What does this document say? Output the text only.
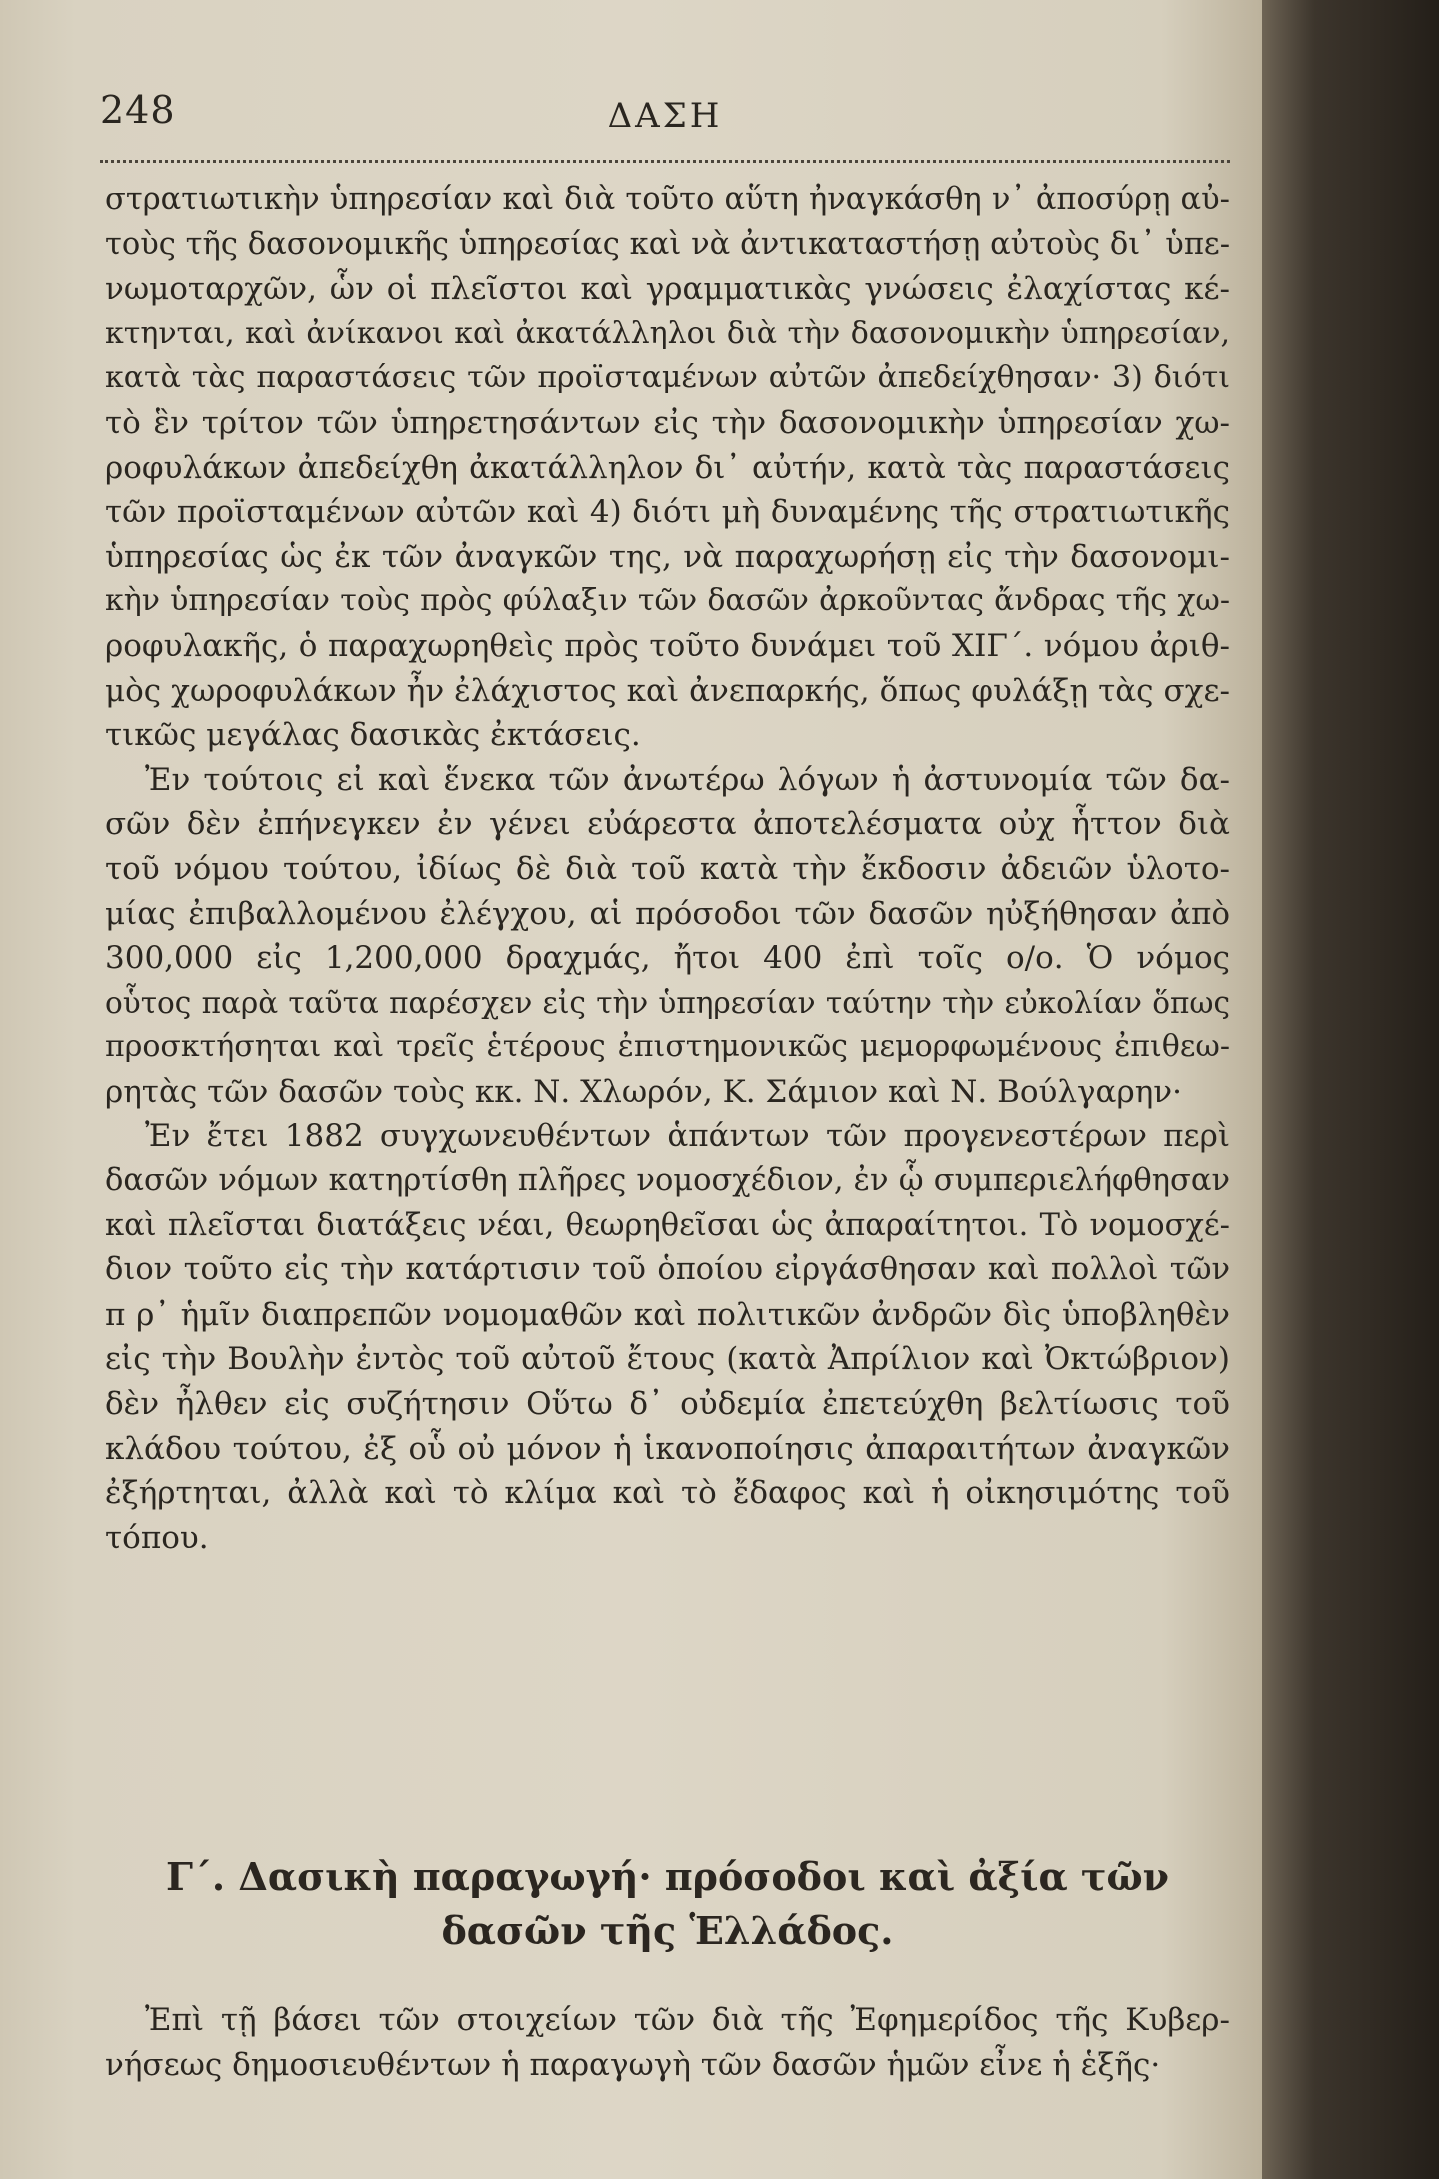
248	ΔΑΣΗ
στρατιωτικὴν ὑπηρεσίαν καὶ διὰ τοῦτο αὕτη ἠναγκάσθη ν᾽ ἀποσύρῃ αὐ-
τοὺς τῆς δασονομικῆς ὑπηρεσίας καὶ νὰ ἀντικαταστήσῃ αὐτοὺς δι᾽ ὑπε-
νωμοταρχῶν, ὧν οἱ πλεῖστοι καὶ γραμματικὰς γνώσεις ἐλαχίστας κέ-
κτηνται, καὶ ἀνίκανοι καὶ ἀκατάλληλοι διὰ τὴν δασονομικὴν ὑπηρεσίαν,
κατὰ τὰς παραστάσεις τῶν προϊσταμένων αὐτῶν ἀπεδείχθησαν· 3) διότι
τὸ ἓν τρίτον τῶν ὑπηρετησάντων εἰς τὴν δασονομικὴν ὑπηρεσίαν χω-
ροφυλάκων ἀπεδείχθη ἀκατάλληλον δι᾽ αὐτήν, κατὰ τὰς παραστάσεις
τῶν προϊσταμένων αὐτῶν καὶ 4) διότι μὴ δυναμένης τῆς στρατιωτικῆς
ὑπηρεσίας ὡς ἐκ τῶν ἀναγκῶν της, νὰ παραχωρήσῃ εἰς τὴν δασονομι-
κὴν ὑπηρεσίαν τοὺς πρὸς φύλαξιν τῶν δασῶν ἀρκοῦντας ἄνδρας τῆς χω-
ροφυλακῆς, ὁ παραχωρηθεὶς πρὸς τοῦτο δυνάμει τοῦ ΧΙΓ΄. νόμου ἀριθ-
μὸς χωροφυλάκων ἦν ἐλάχιστος καὶ ἀνεπαρκής, ὅπως φυλάξῃ τὰς σχε-
τικῶς μεγάλας δασικὰς ἐκτάσεις.
Ἐν τούτοις εἰ καὶ ἕνεκα τῶν ἀνωτέρω λόγων ἡ ἀστυνομία τῶν δα-
σῶν δὲν ἐπήνεγκεν ἐν γένει εὐάρεστα ἀποτελέσματα οὐχ ἧττον διὰ
τοῦ νόμου τούτου, ἰδίως δὲ διὰ τοῦ κατὰ τὴν ἔκδοσιν ἀδειῶν ὑλοτο-
μίας ἐπιβαλλομένου ἐλέγχου, αἱ πρόσοδοι τῶν δασῶν ηὐξήθησαν ἀπὸ
300,000 εἰς 1,200,000 δραχμάς, ἤτοι 400 ἐπὶ τοῖς ο/ο. Ὁ νόμος
οὗτος παρὰ ταῦτα παρέσχεν εἰς τὴν ὑπηρεσίαν ταύτην τὴν εὐκολίαν ὅπως
προσκτήσηται καὶ τρεῖς ἑτέρους ἐπιστημονικῶς μεμορφωμένους ἐπιθεω-
ρητὰς τῶν δασῶν τοὺς κκ. Ν. Χλωρόν, Κ. Σάμιον καὶ Ν. Βούλγαρην·
Ἐν ἔτει 1882 συγχωνευθέντων ἁπάντων τῶν προγενεστέρων περὶ
δασῶν νόμων κατηρτίσθη πλῆρες νομοσχέδιον, ἐν ᾧ συμπεριελήφθησαν
καὶ πλεῖσται διατάξεις νέαι, θεωρηθεῖσαι ὡς ἀπαραίτητοι. Τὸ νομοσχέ-
διον τοῦτο εἰς τὴν κατάρτισιν τοῦ ὁποίου εἰργάσθησαν καὶ πολλοὶ τῶν
π ρ᾽ ἡμῖν διαπρεπῶν νομομαθῶν καὶ πολιτικῶν ἀνδρῶν δὶς ὑποβληθὲν
εἰς τὴν Βουλὴν ἐντὸς τοῦ αὐτοῦ ἔτους (κατὰ Ἀπρίλιον καὶ Ὀκτώβριον)
δὲν ἦλθεν εἰς συζήτησιν Οὕτω δ᾽ οὐδεμία ἐπετεύχθη βελτίωσις τοῦ
κλάδου τούτου, ἐξ οὗ οὐ μόνον ἡ ἱκανοποίησις ἀπαραιτήτων ἀναγκῶν
ἐξήρτηται, ἀλλὰ καὶ τὸ κλίμα καὶ τὸ ἔδαφος καὶ ἡ οἰκησιμότης τοῦ
τόπου.
Γ΄. Δασικὴ παραγωγή· πρόσοδοι καὶ ἀξία τῶν
δασῶν τῆς Ἑλλάδος.
Ἐπὶ τῇ βάσει τῶν στοιχείων τῶν διὰ τῆς Ἐφημερίδος τῆς Κυβερ-
νήσεως δημοσιευθέντων ἡ παραγωγὴ τῶν δασῶν ἡμῶν εἶνε ἡ ἑξῆς·
